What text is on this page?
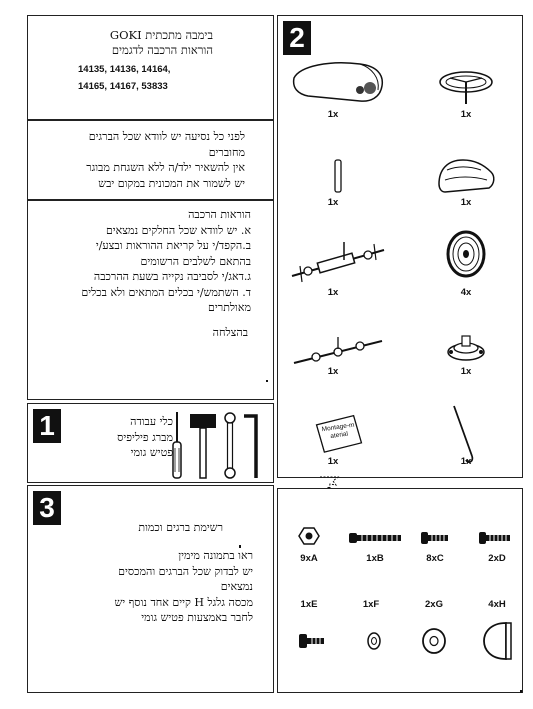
בימבה מתכתית GOKI
הוראות הרכבה לדגמים
14135, 14136, 14164,
14165, 14167, 53833
לפני כל נסיעה יש לוודא שכל הברגים
מחוברים
אין להשאיר ילד/ה ללא השגחת מבוגר
יש לשמור את המכונית במקום יבש
הוראות הרכבה
א. יש לוודא שכל החלקים נמצאים
ב.הקפד/י על קריאת ההוראות ובצע/י
בהתאם לשלבים הרשומים
ג.דאג/י לסביבה נקייה בשעת ההרכבה
ד. השתמש/י בכלים המתאים ולא בכלים
מאולתרים
בהצלחה
1	כלי עבודה
מברג פיליפיס
פטיש גומי
3
רשימת ברגים וכמות
ראו בתמונה מימין
יש לבדוק שכל הברגים והמכסים
נמצאים
מכסה גלגל H קיים אחד נוסף יש
לחבר באמצעות פטיש גומי
2
1x	1x
1x	1x
1x	4x
1x	1x
Montage-material
1x	1x
9xA	1xB	8xC	2xD
1xE	1xF	2xG	4xH
